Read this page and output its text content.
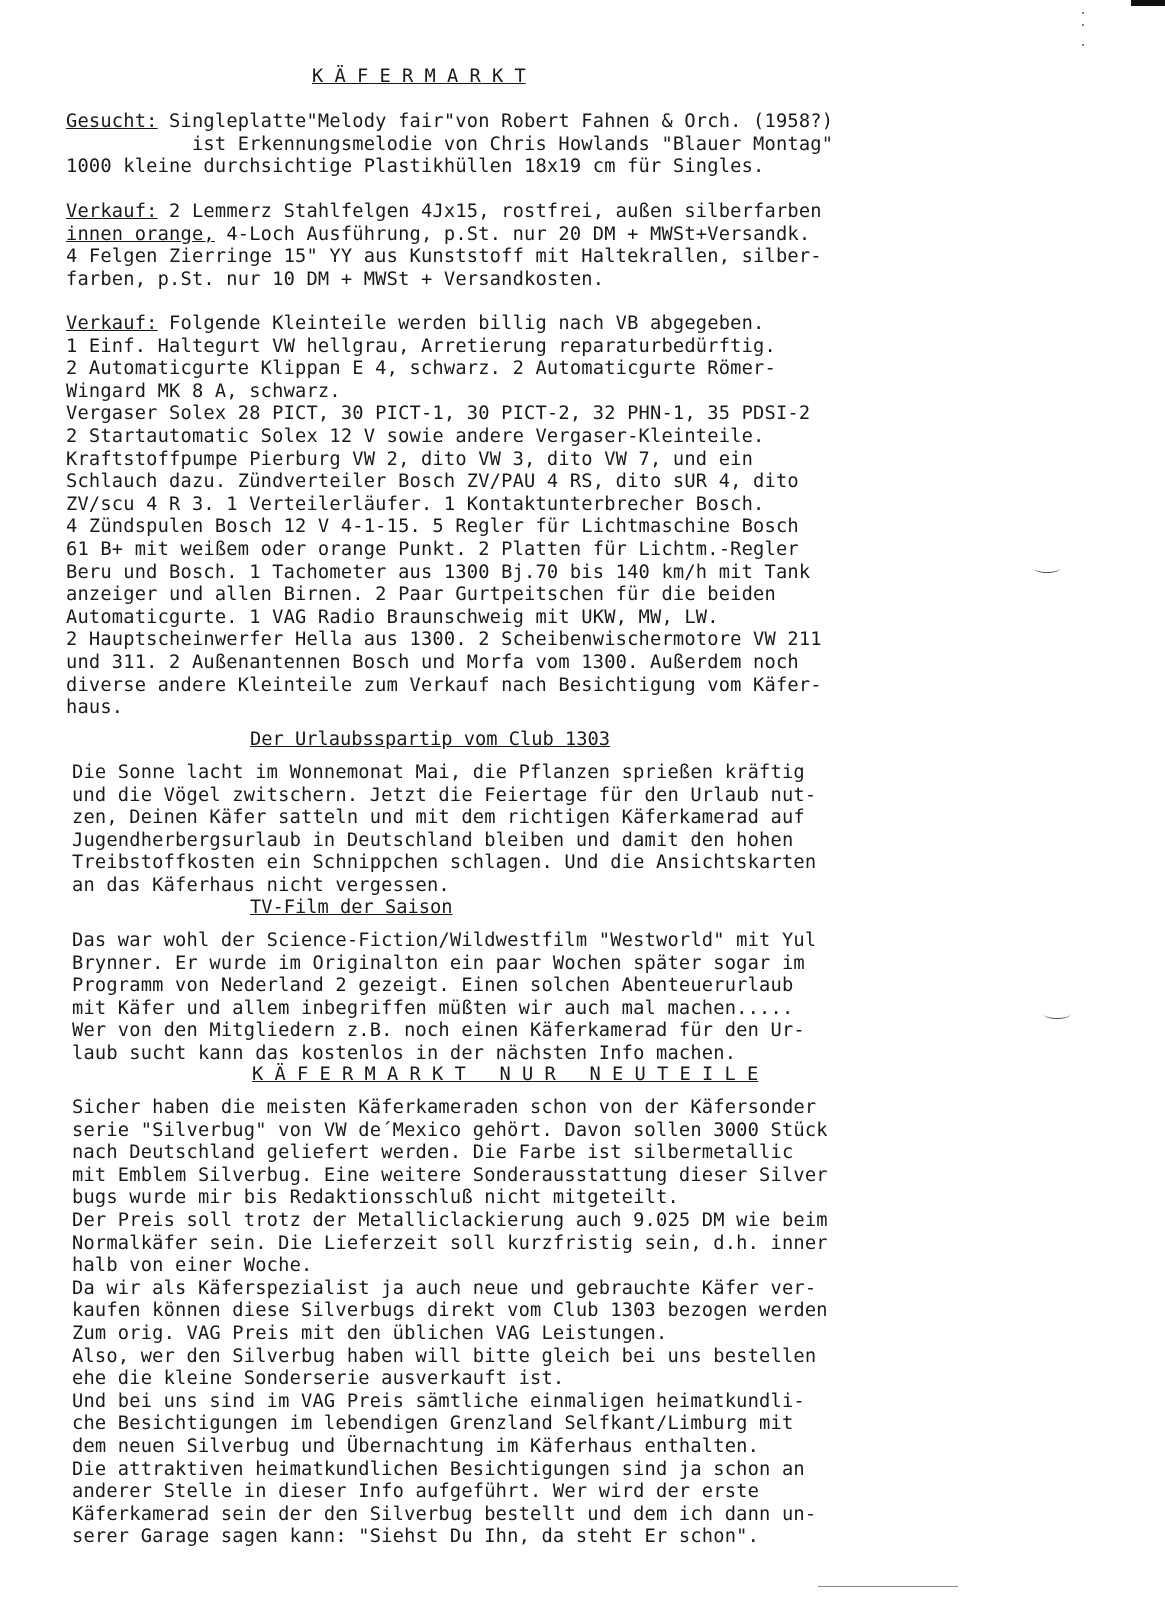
K Ä F E R M A R K T
Gesucht: Singleplatte"Melody fair"von Robert Fahnen & Orch. (1958?)
ist Erkennungsmelodie von Chris Howlands "Blauer Montag"
1000 kleine durchsichtige Plastikhüllen 18x19 cm für Singles.
Verkauf: 2 Lemmerz Stahlfelgen 4Jx15, rostfrei, außen silberfarben
innen orange, 4-Loch Ausführung, p.St. nur 20 DM + MWSt+Versandk.
4 Felgen Zierringe 15" YY aus Kunststoff mit Haltekrallen, silber-
farben, p.St. nur 10 DM + MWSt + Versandkosten.
Verkauf: Folgende Kleinteile werden billig nach VB abgegeben.
1 Einf. Haltegurt VW hellgrau, Arretierung reparaturbedürftig.
2 Automaticgurte Klippan E 4, schwarz. 2 Automaticgurte Römer-
Wingard MK 8 A, schwarz.
Vergaser Solex 28 PICT, 30 PICT-1, 30 PICT-2, 32 PHN-1, 35 PDSI-2
2 Startautomatic Solex 12 V sowie andere Vergaser-Kleinteile.
Kraftstoffpumpe Pierburg VW 2, dito VW 3, dito VW 7, und ein
Schlauch dazu. Zündverteiler Bosch ZV/PAU 4 RS, dito sUR 4, dito
ZV/scu 4 R 3. 1 Verteilerläufer. 1 Kontaktunterbrecher Bosch.
4 Zündspulen Bosch 12 V 4-1-15. 5 Regler für Lichtmaschine Bosch
61 B+ mit weißem oder orange Punkt. 2 Platten für Lichtm.-Regler
Beru und Bosch. 1 Tachometer aus 1300 Bj.70 bis 140 km/h mit Tank
anzeiger und allen Birnen. 2 Paar Gurtpeitschen für die beiden
Automaticgurte. 1 VAG Radio Braunschweig mit UKW, MW, LW.
2 Hauptscheinwerfer Hella aus 1300. 2 Scheibenwischermotore VW 211
und 311. 2 Außenantennen Bosch und Morfa vom 1300. Außerdem noch
diverse andere Kleinteile zum Verkauf nach Besichtigung vom Käfer-
haus.
Der Urlaubsspartip vom Club 1303
Die Sonne lacht im Wonnemonat Mai, die Pflanzen sprießen kräftig
und die Vögel zwitschern. Jetzt die Feiertage für den Urlaub nut-
zen, Deinen Käfer satteln und mit dem richtigen Käferkamerad auf
Jugendherbergsurlaub in Deutschland bleiben und damit den hohen
Treibstoffkosten ein Schnippchen schlagen. Und die Ansichtskarten
an das Käferhaus nicht vergessen.
TV-Film der Saison
Das war wohl der Science-Fiction/Wildwestfilm "Westworld" mit Yul
Brynner. Er wurde im Originalton ein paar Wochen später sogar im
Programm von Nederland 2 gezeigt. Einen solchen Abenteuerurlaub
mit Käfer und allem inbegriffen müßten wir auch mal machen.....
Wer von den Mitgliedern z.B. noch einen Käferkamerad für den Ur-
laub sucht kann das kostenlos in der nächsten Info machen.
K Ä F E R M A R K T   N U R   N E U T E I L E
Sicher haben die meisten Käferkameraden schon von der Käfersonder
serie "Silverbug" von VW de´Mexico gehört. Davon sollen 3000 Stück
nach Deutschland geliefert werden. Die Farbe ist silbermetallic
mit Emblem Silverbug. Eine weitere Sonderausstattung dieser Silver
bugs wurde mir bis Redaktionsschluß nicht mitgeteilt.
Der Preis soll trotz der Metalliclackierung auch 9.025 DM wie beim
Normalkäfer sein. Die Lieferzeit soll kurzfristig sein, d.h. inner
halb von einer Woche.
Da wir als Käferspezialist ja auch neue und gebrauchte Käfer ver-
kaufen können diese Silverbugs direkt vom Club 1303 bezogen werden
Zum orig. VAG Preis mit den üblichen VAG Leistungen.
Also, wer den Silverbug haben will bitte gleich bei uns bestellen
ehe die kleine Sonderserie ausverkauft ist.
Und bei uns sind im VAG Preis sämtliche einmaligen heimatkundli-
che Besichtigungen im lebendigen Grenzland Selfkant/Limburg mit
dem neuen Silverbug und Übernachtung im Käferhaus enthalten.
Die attraktiven heimatkundlichen Besichtigungen sind ja schon an
anderer Stelle in dieser Info aufgeführt. Wer wird der erste
Käferkamerad sein der den Silverbug bestellt und dem ich dann un-
serer Garage sagen kann: "Siehst Du Ihn, da steht Er schon".
